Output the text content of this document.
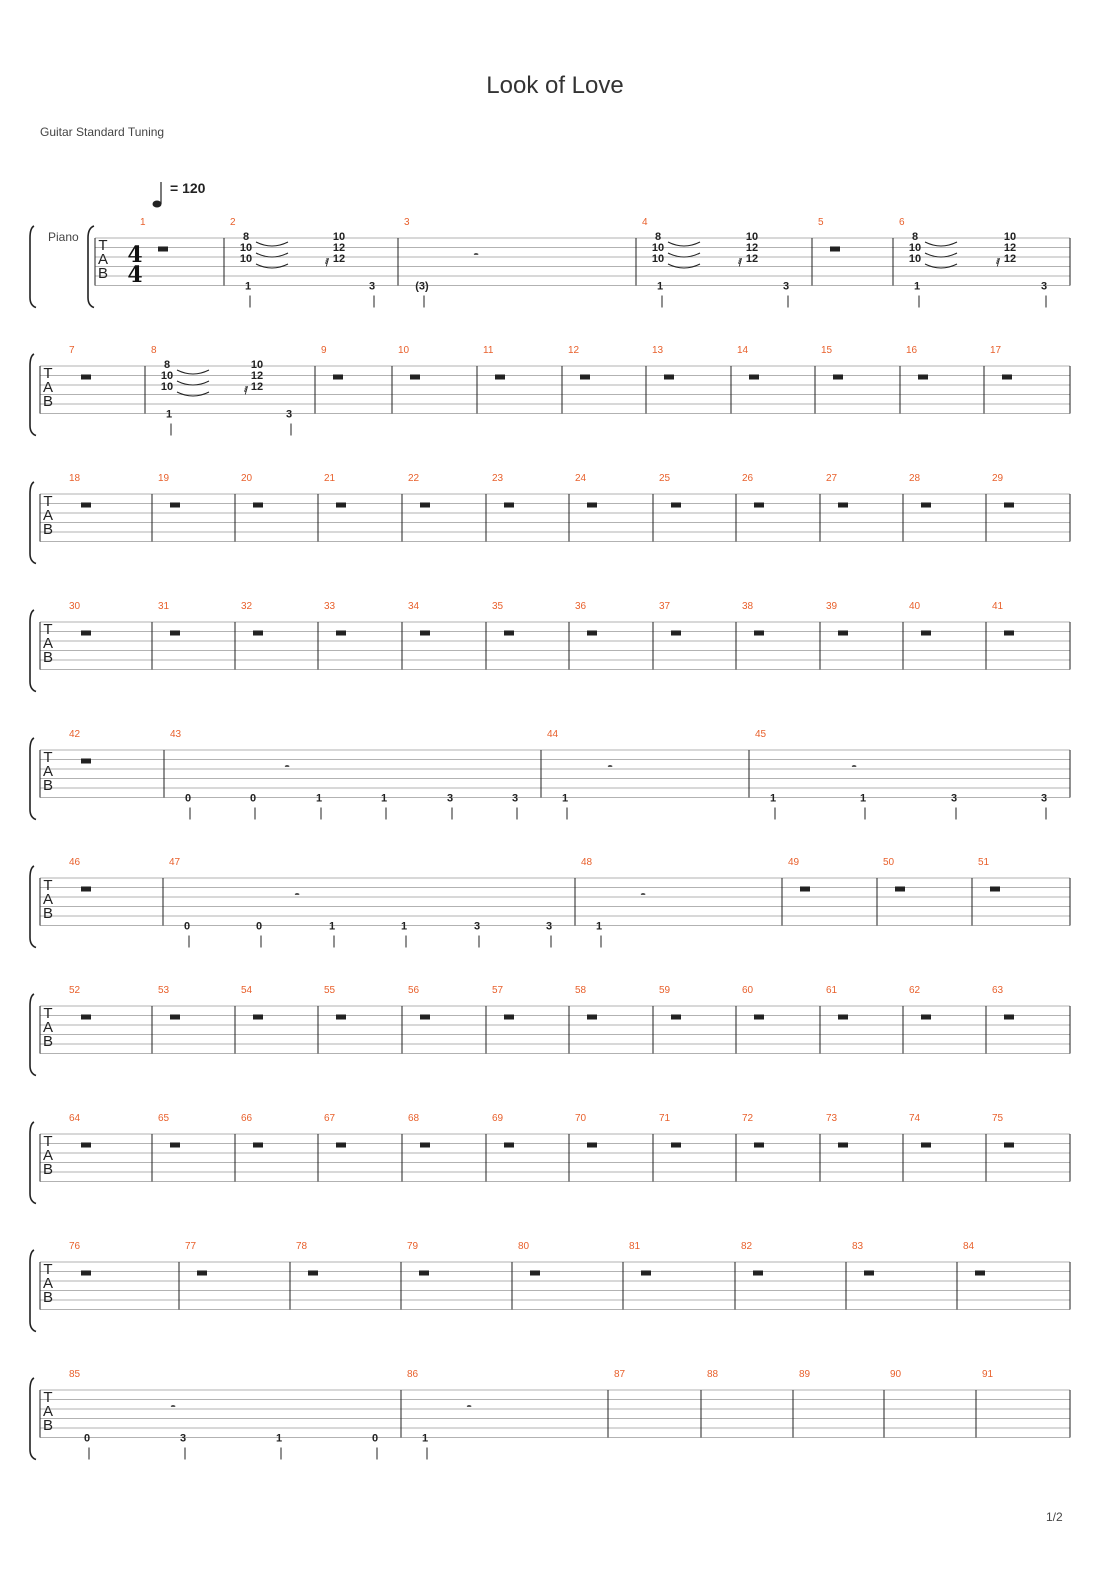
Look of Love
Guitar Standard Tuning
= 120
Piano T
A
B
4
4
1	2
8
10
10	𝅀
10
12
12
1	3
3
𝄼
(3)
4
8
10
10	𝅀
10
12
12
1	3
5	6
8
10
10	𝅀
10
12
12
1	3
T
A
B
7	8
8
10
10	𝅀
10
12
12
1	3
9	10	11	12	13	14	15	16	17
T
A
B
18	19	20	21	22	23	24	25	26	27	28	29
T
A
B
30	31	32	33	34	35	36	37	38	39	40	41
T
A
B
42	43
𝄼
0	0	1	1	3	3
44
𝄼
1
45
𝄼
1	1	3	3
T
A
B
46	47
𝄼
0	0	1	1	3	3
48
𝄼
1
49	50	51
T
A
B
52	53	54	55	56	57	58	59	60	61	62	63
T
A
B
64	65	66	67	68	69	70	71	72	73	74	75
T
A
B
76	77	78	79	80	81	82	83	84
T
A
B
85
𝄼
0	3	1	0
86
𝄼
1
87	88	89	90	91
1/2
